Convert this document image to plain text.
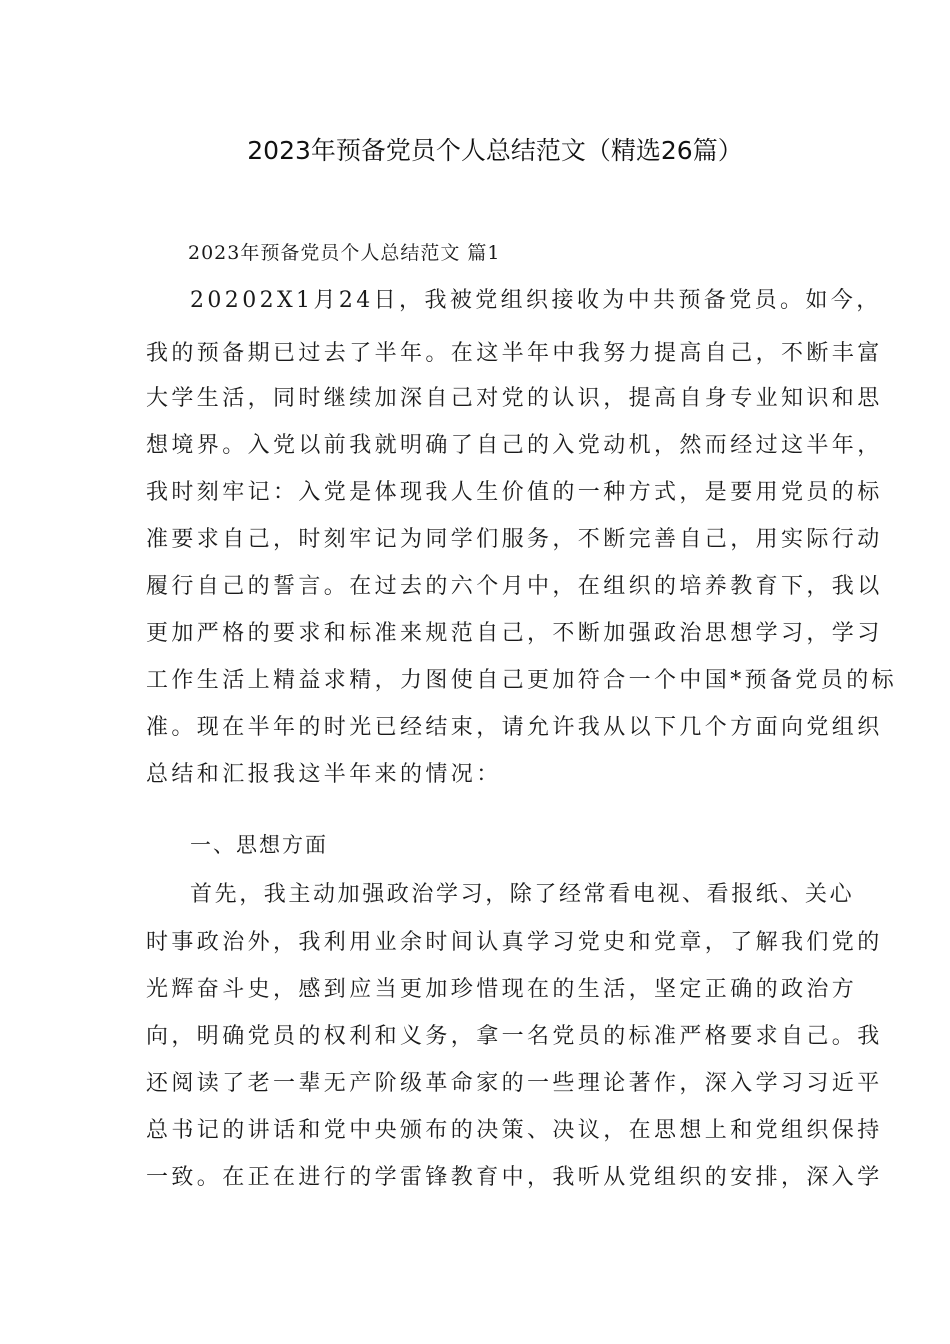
2023年预备党员个人总结范文（精选26篇）

2023年预备党员个人总结范文 篇1

20202X1月24日，我被党组织接收为中共预备党员。如今，

我的预备期已过去了半年。在这半年中我努力提高自己，不断丰富

大学生活，同时继续加深自己对党的认识，提高自身专业知识和思

想境界。入党以前我就明确了自己的入党动机，然而经过这半年，

我时刻牢记：入党是体现我人生价值的一种方式，是要用党员的标

准要求自己，时刻牢记为同学们服务，不断完善自己，用实际行动

履行自己的誓言。在过去的六个月中，在组织的培养教育下，我以

更加严格的要求和标准来规范自己，不断加强政治思想学习，学习

工作生活上精益求精，力图使自己更加符合一个中国*预备党员的标

准。现在半年的时光已经结束，请允许我从以下几个方面向党组织

总结和汇报我这半年来的情况：

一、思想方面

首先，我主动加强政治学习，除了经常看电视、看报纸、关心

时事政治外，我利用业余时间认真学习党史和党章，了解我们党的

光辉奋斗史，感到应当更加珍惜现在的生活，坚定正确的政治方

向，明确党员的权利和义务，拿一名党员的标准严格要求自己。我

还阅读了老一辈无产阶级革命家的一些理论著作，深入学习习近平

总书记的讲话和党中央颁布的决策、决议，在思想上和党组织保持

一致。在正在进行的学雷锋教育中，我听从党组织的安排，深入学
